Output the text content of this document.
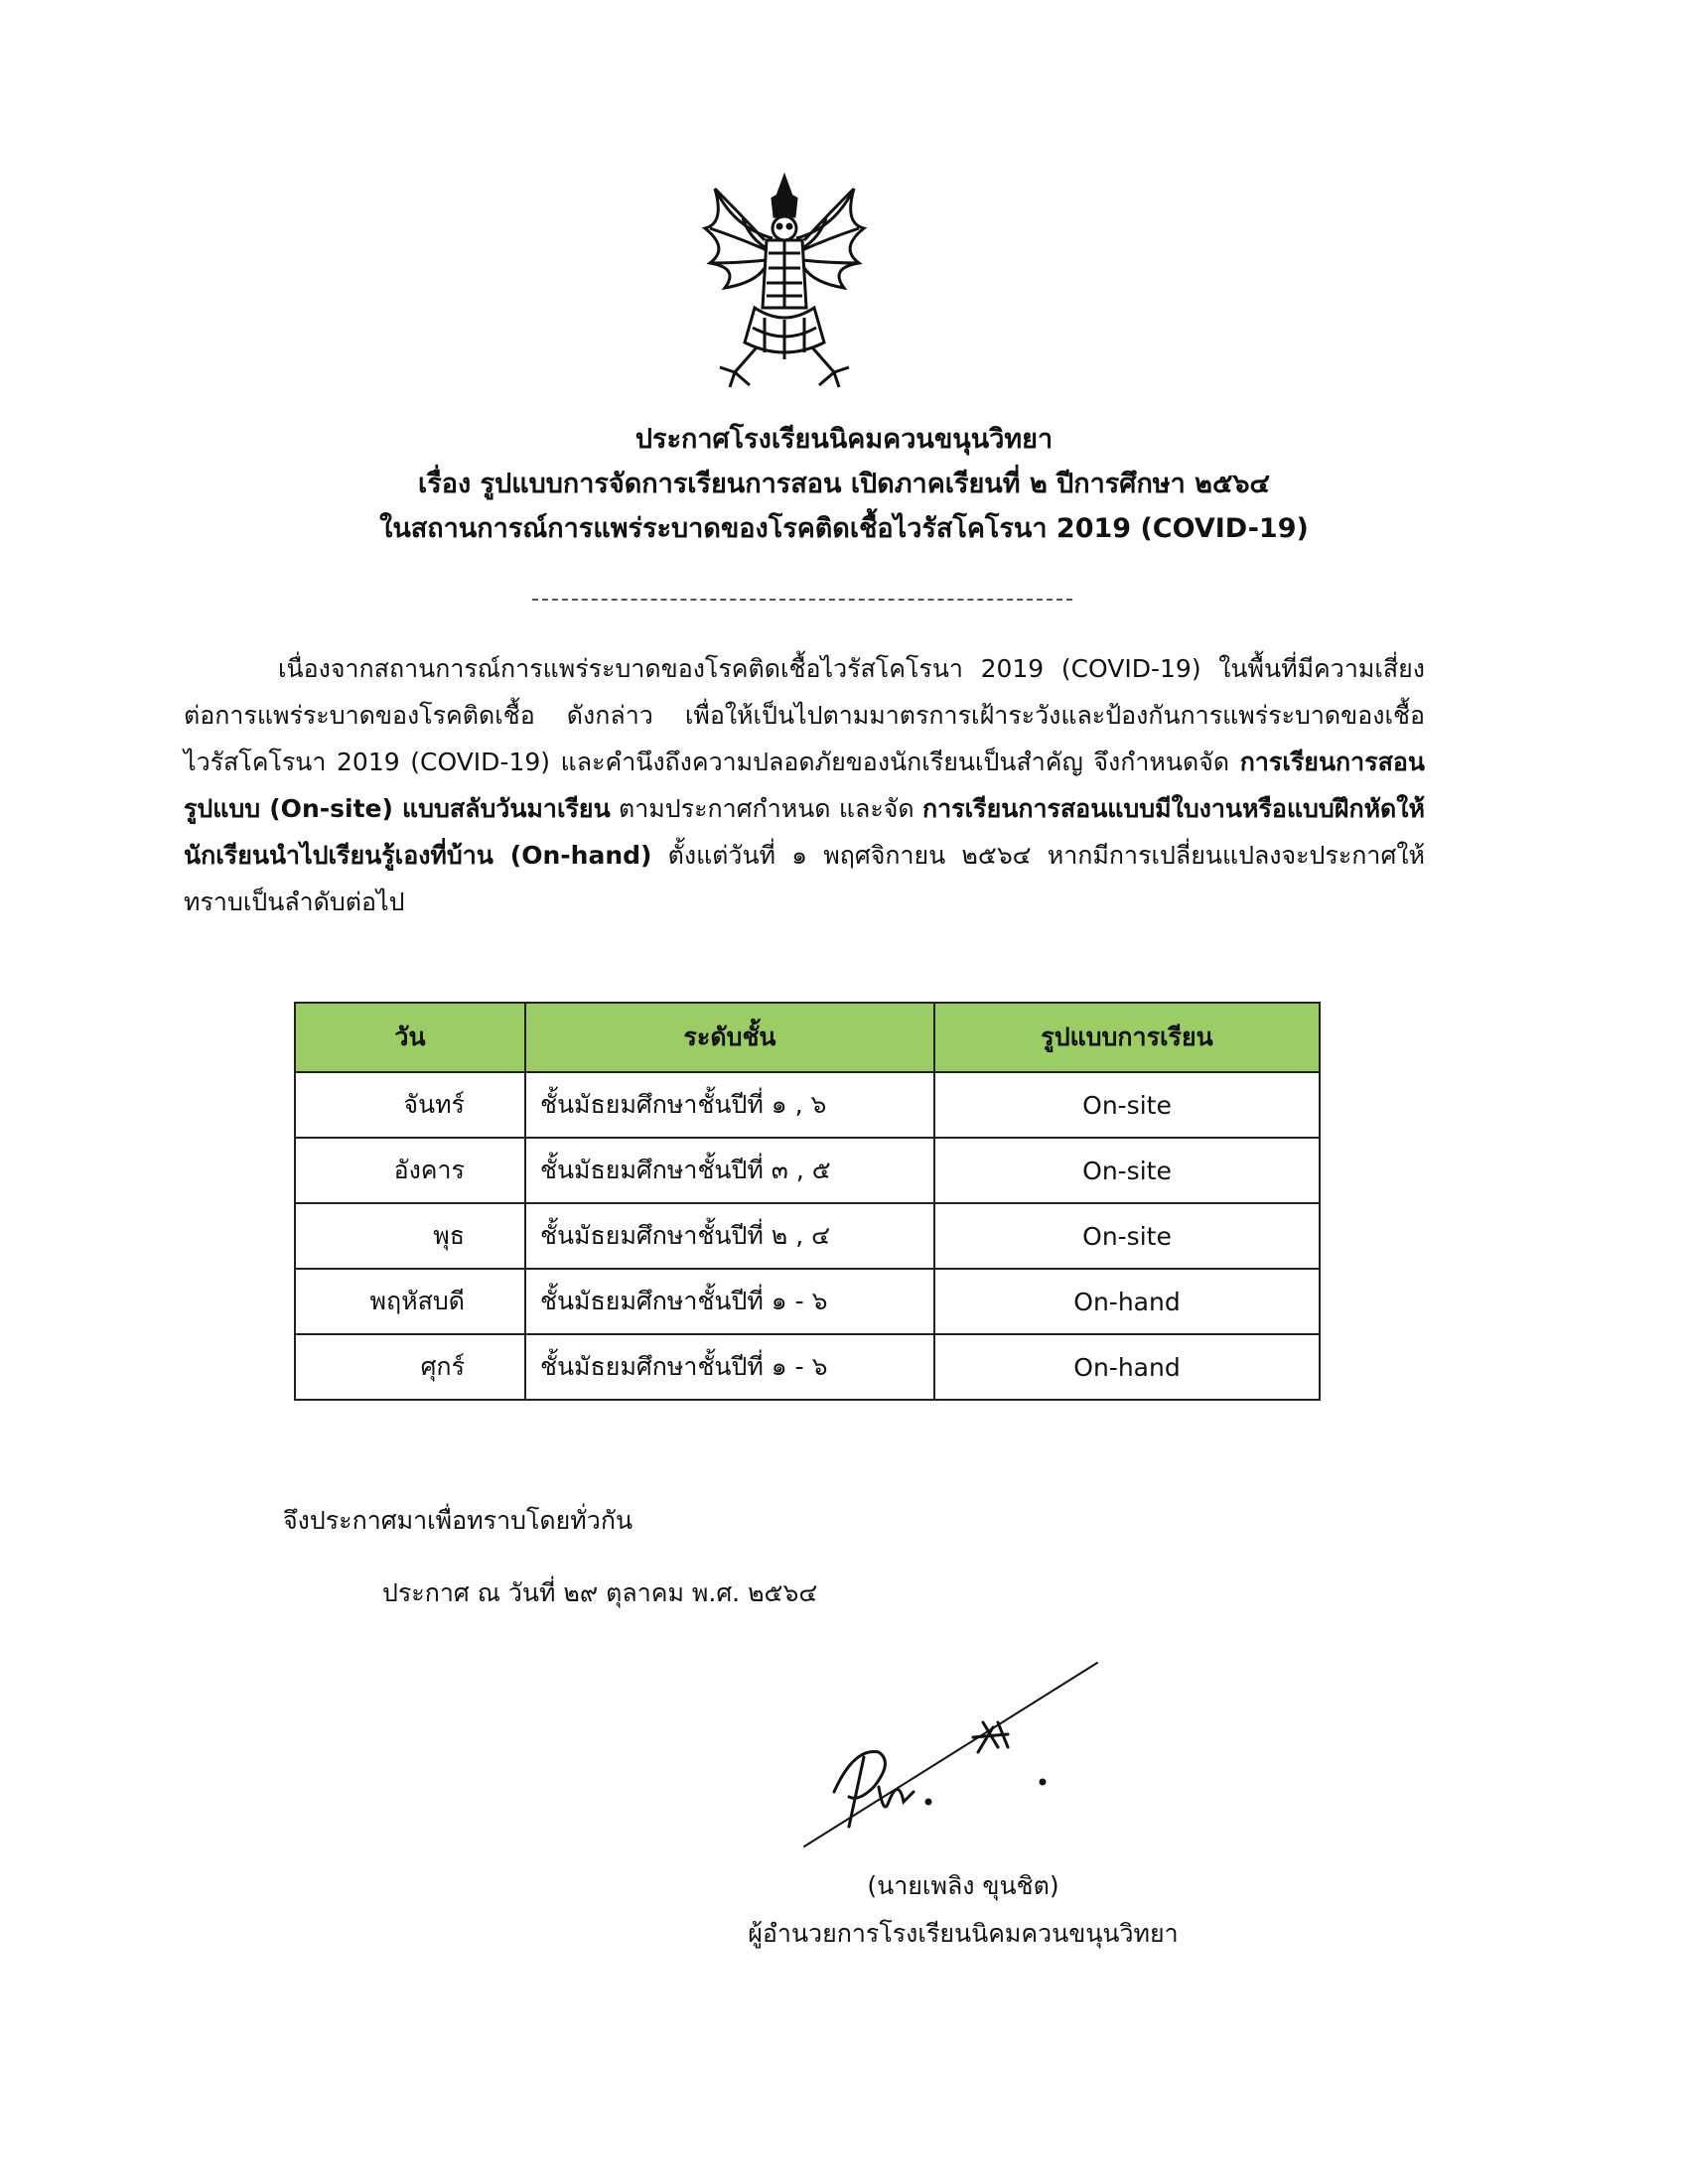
ประกาศโรงเรียนนิคมควนขนุนวิทยา
เรื่อง รูปแบบการจัดการเรียนการสอน เปิดภาคเรียนที่ ๒ ปีการศึกษา ๒๕๖๔
ในสถานการณ์การแพร่ระบาดของโรคติดเชื้อไวรัสโคโรนา 2019 (COVID-19)
เนื่องจากสถานการณ์การแพร่ระบาดของโรคติดเชื้อไวรัสโคโรนา 2019 (COVID-19) ในพื้นที่มีความเสี่ยงต่อการแพร่ระบาดของโรคติดเชื้อ ดังกล่าว เพื่อให้เป็นไปตามมาตรการเฝ้าระวังและป้องกันการแพร่ระบาดของเชื้อไวรัสโคโรนา 2019 (COVID-19) และคำนึงถึงความปลอดภัยของนักเรียนเป็นสำคัญ จึงกำหนดจัด การเรียนการสอนรูปแบบ (On-site) แบบสลับวันมาเรียน ตามประกาศกำหนด และจัด การเรียนการสอนแบบมีใบงานหรือแบบฝึกหัดให้นักเรียนนำไปเรียนรู้เองที่บ้าน (On-hand) ตั้งแต่วันที่ ๑ พฤศจิกายน ๒๕๖๔ หากมีการเปลี่ยนแปลงจะประกาศให้ทราบเป็นลำดับต่อไป
วัน	ระดับชั้น	รูปแบบการเรียน
จันทร์	ชั้นมัธยมศึกษาชั้นปีที่ ๑ , ๖	On-site
อังคาร	ชั้นมัธยมศึกษาชั้นปีที่ ๓ , ๕	On-site
พุธ	ชั้นมัธยมศึกษาชั้นปีที่ ๒ , ๔	On-site
พฤหัสบดี	ชั้นมัธยมศึกษาชั้นปีที่ ๑ - ๖	On-hand
ศุกร์	ชั้นมัธยมศึกษาชั้นปีที่ ๑ - ๖	On-hand
จึงประกาศมาเพื่อทราบโดยทั่วกัน
ประกาศ ณ วันที่ ๒๙ ตุลาคม พ.ศ. ๒๕๖๔
(นายเพลิง ขุนชิต)
ผู้อำนวยการโรงเรียนนิคมควนขนุนวิทยา
